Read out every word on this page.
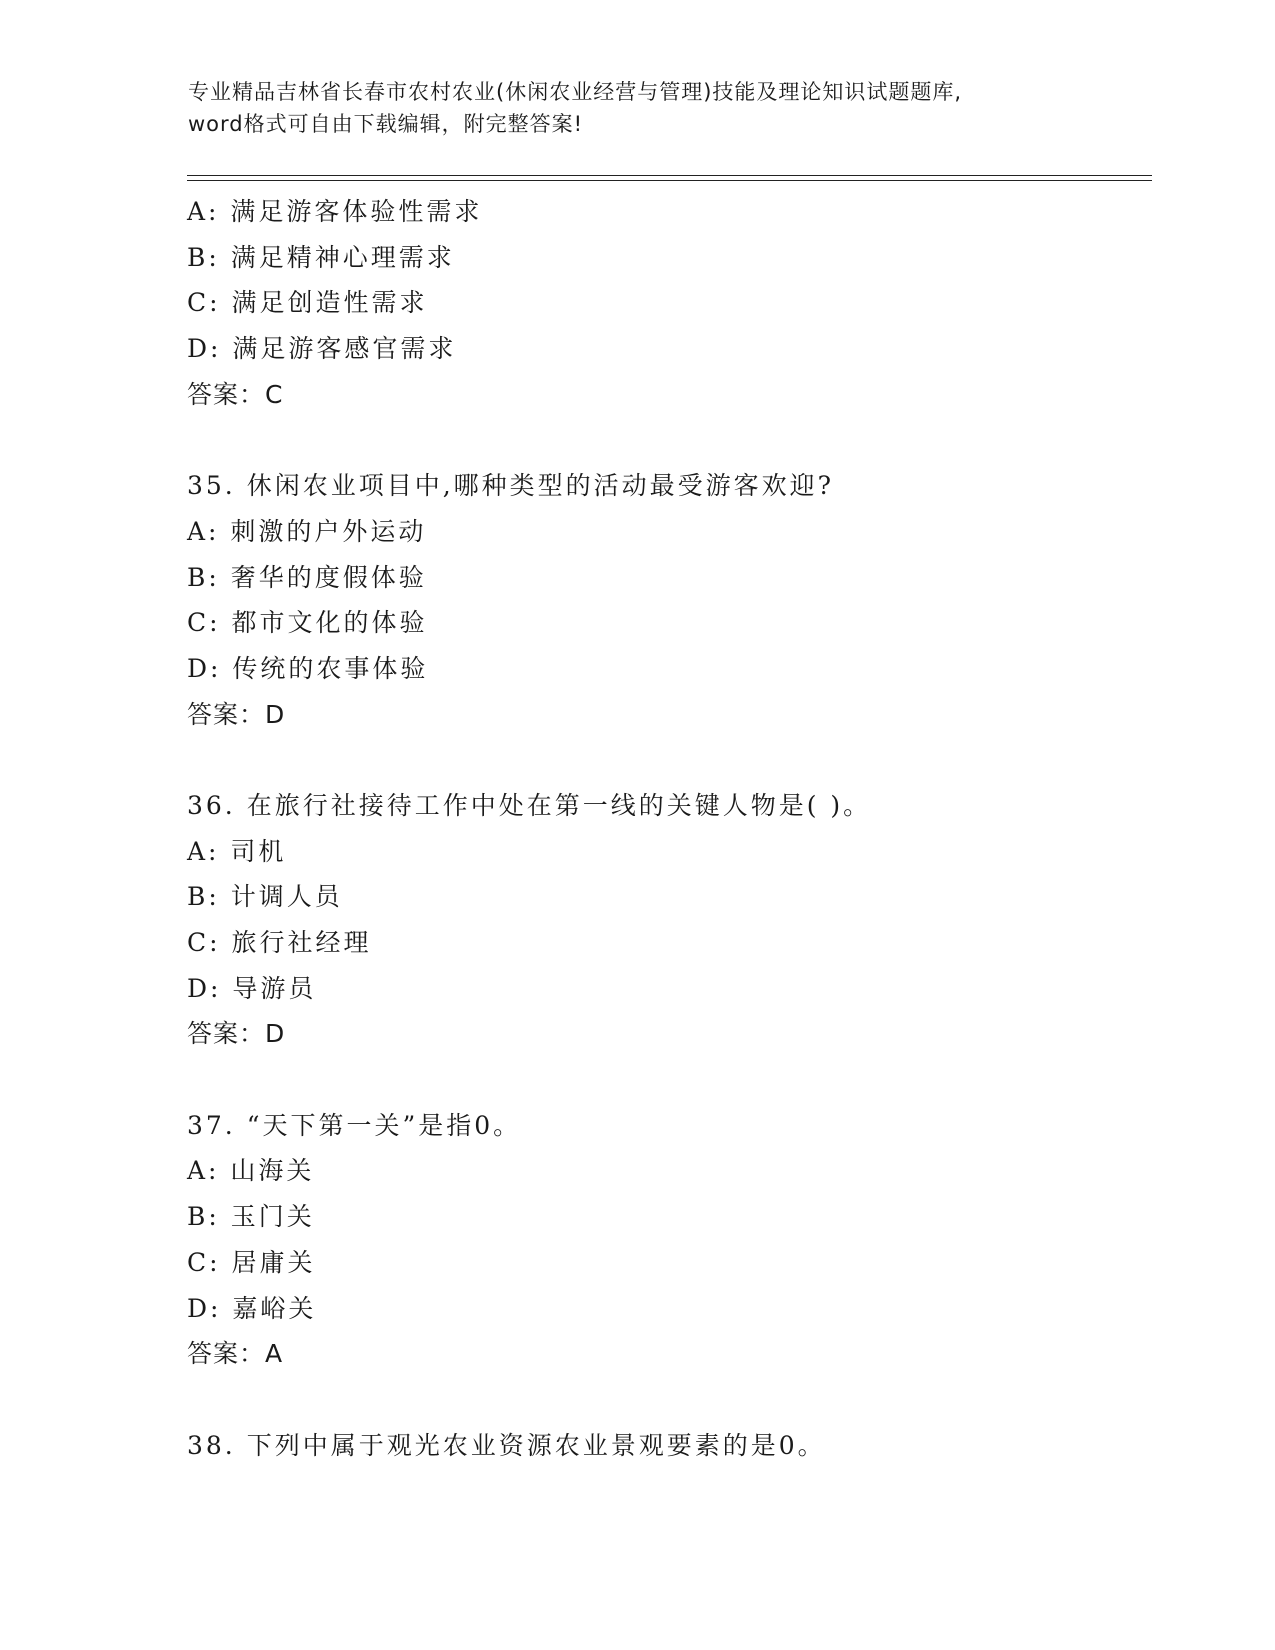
专业精品吉林省长春市农村农业(休闲农业经营与管理)技能及理论知识试题题库,
word格式可自由下载编辑，附完整答案!
A: 满足游客体验性需求
B: 满足精神心理需求
C: 满足创造性需求
D: 满足游客感官需求
答案：C
35. 休闲农业项目中,哪种类型的活动最受游客欢迎?
A: 刺激的户外运动
B: 奢华的度假体验
C: 都市文化的体验
D: 传统的农事体验
答案：D
36. 在旅行社接待工作中处在第一线的关键人物是( )。
A: 司机
B: 计调人员
C: 旅行社经理
D: 导游员
答案：D
37. “天下第一关”是指0。
A: 山海关
B: 玉门关
C: 居庸关
D: 嘉峪关
答案：A
38. 下列中属于观光农业资源农业景观要素的是0。
